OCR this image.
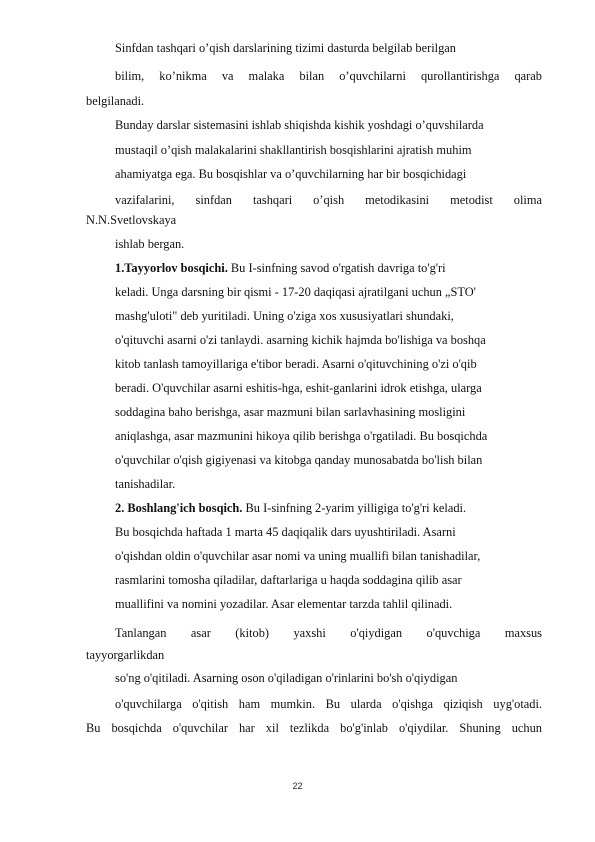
Sinfdan tashqari o’qish darslarining tizimi dasturda belgilab berilgan

bilim, ko’nikma va malaka bilan o’quvchilarni qurollantirishga qarab

belgilanadi.

Bunday darslar sistemasini ishlab shiqishda kishik yoshdagi o’quvshilarda

mustaqil o’qish malakalarini shakllantirish bosqishlarini ajratish muhim

ahamiyatga ega. Bu bosqishlar va o’quvchilarning har bir bosqichidagi

vazifalarini, sinfdan tashqari o’qish metodikasini metodist olima

N.N.Svetlovskaya

ishlab bergan.

1.Tayyorlov bosqichi. Bu I-sinfning savod o'rgatish davriga to'g'ri

keladi. Unga darsning bir qismi - 17-20 daqiqasi ajratilgani uchun „STO'

mashg'uloti" deb yuritiladi. Uning o'ziga xos xususiyatlari shundaki,

o'qituvchi asarni o'zi tanlaydi. asarning kichik hajmda bo'lishiga va boshqa

kitob tanlash tamoyillariga e'tibor beradi. Asarni o'qituvchining o'zi o'qib

beradi. O'quvchilar asarni eshitis-hga, eshit-ganlarini idrok etishga, ularga

soddagina baho berishga, asar mazmuni bilan sarlavhasining mosligini

aniqlashga, asar mazmunini hikoya qilib berishga o'rgatiladi. Bu bosqichda

o'quvchilar o'qish gigiyenasi va kitobga qanday munosabatda bo'lish bilan

tanishadilar.

2. Boshlang'ich bosqich. Bu I-sinfning 2-yarim yilligiga to'g'ri keladi.

Bu bosqichda haftada 1 marta 45 daqiqalik dars uyushtiriladi. Asarni

o'qishdan oldin o'quvchilar asar nomi va uning muallifi bilan tanishadilar,

rasmlarini tomosha qiladilar, daftarlariga u haqda soddagina qilib asar

muallifini va nomini yozadilar. Asar elementar tarzda tahlil qilinadi.

Tanlangan asar (kitob) yaxshi o'qiydigan o'quvchiga maxsus

tayyorgarlikdan

so'ng o'qitiladi. Asarning oson o'qiladigan o'rinlarini bo'sh o'qiydigan

o'quvchilarga o'qitish ham mumkin. Bu ularda o'qishga qiziqish uyg'otadi.

Bu bosqichda o'quvchilar har xil tezlikda bo'g'inlab o'qiydilar. Shuning uchun

22
